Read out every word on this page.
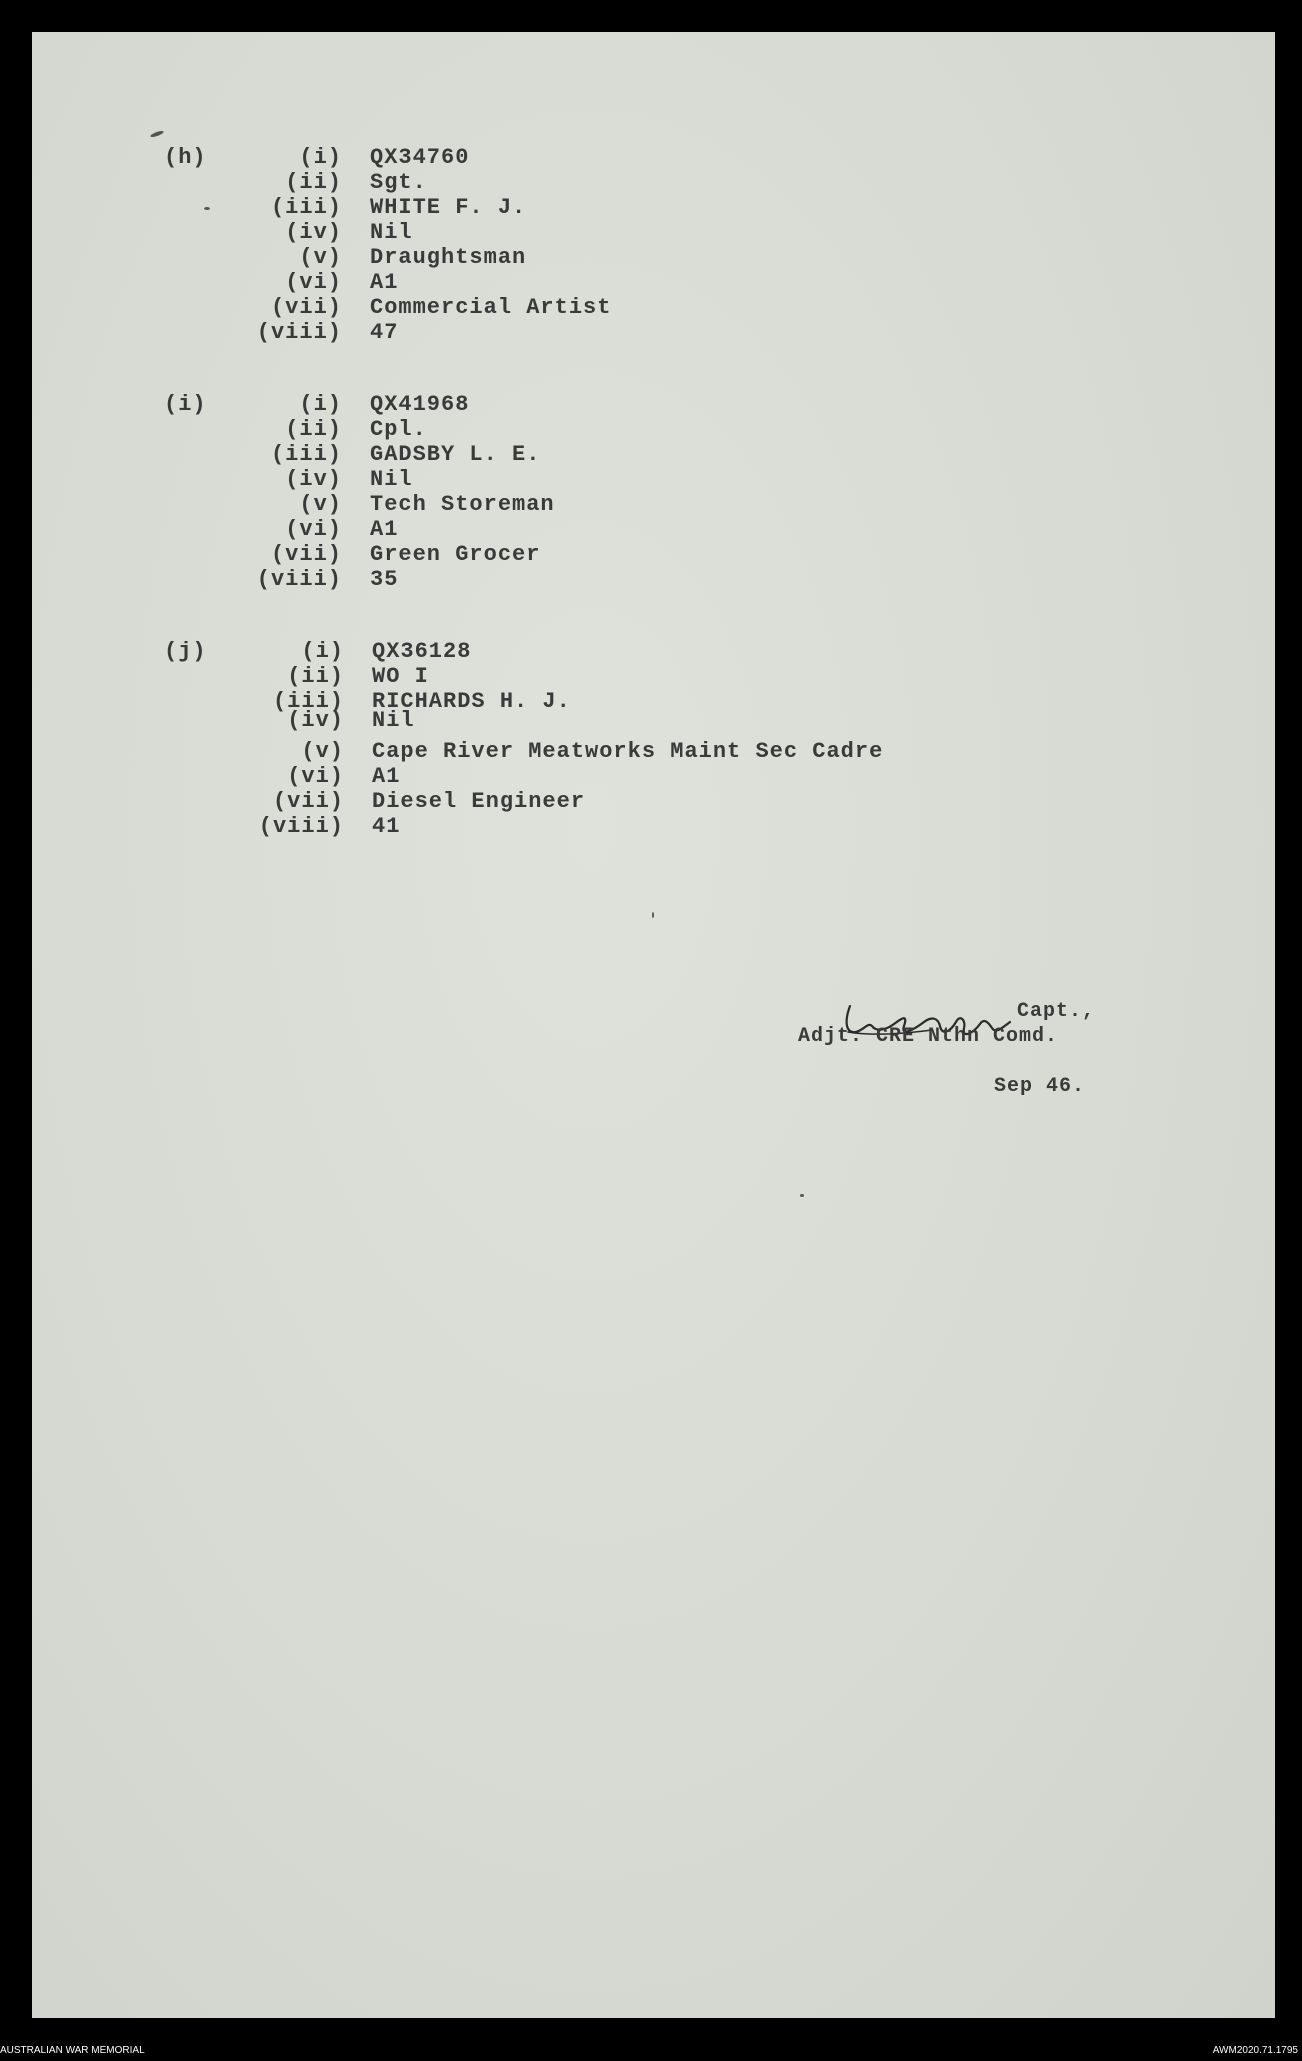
(h)	(i) QX34760
(ii) Sgt.
(iii) WHITE F. J.
(iv) Nil
(v) Draughtsman
(vi) A1
(vii) Commercial Artist
(viii) 47
(i)	(i) QX41968
(ii) Cpl.
(iii) GADSBY L. E.
(iv) Nil
(v) Tech Storeman
(vi) A1
(vii) Green Grocer
(viii) 35
(j)	(i) QX36128
(ii) WO I
(iii) RICHARDS H. J.
(iv) Nil
(v) Cape River Meatworks Maint Sec Cadre
(vi) A1
(vii) Diesel Engineer
(viii) 41
Capt.,
Adjt. CRE Nthn Comd.
Sep 46.
AUSTRALIAN WAR MEMORIAL	AWM2020.71.1795
